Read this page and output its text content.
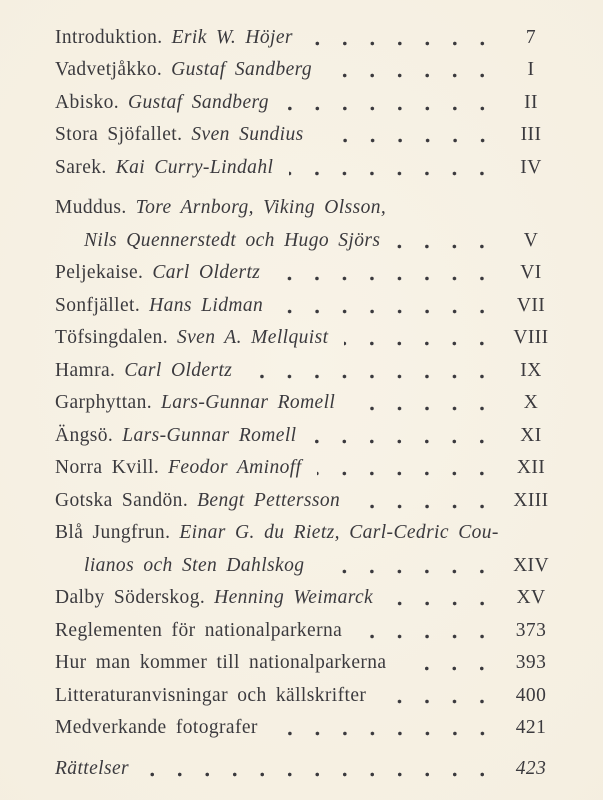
Introduktion. Erik W. Höjer	7
Vadvetjåkko. Gustaf Sandberg	I
Abisko. Gustaf Sandberg	II
Stora Sjöfallet. Sven Sundius	III
Sarek. Kai Curry-Lindahl	IV
Muddus. Tore Arnborg, Viking Olsson,
Nils Quennerstedt och Hugo Sjörs	V
Peljekaise. Carl Oldertz	VI
Sonfjället. Hans Lidman	VII
Töfsingdalen. Sven A. Mellquist	VIII
Hamra. Carl Oldertz	IX
Garphyttan. Lars-Gunnar Romell	X
Ängsö. Lars-Gunnar Romell	XI
Norra Kvill. Feodor Aminoff	XII
Gotska Sandön. Bengt Pettersson	XIII
Blå Jungfrun. Einar G. du Rietz, Carl-Cedric Cou-
lianos och Sten Dahlskog	XIV
Dalby Söderskog. Henning Weimarck	XV
Reglementen för nationalparkerna	373
Hur man kommer till nationalparkerna	393
Litteraturanvisningar och källskrifter	400
Medverkande fotografer	421
Rättelser	423
